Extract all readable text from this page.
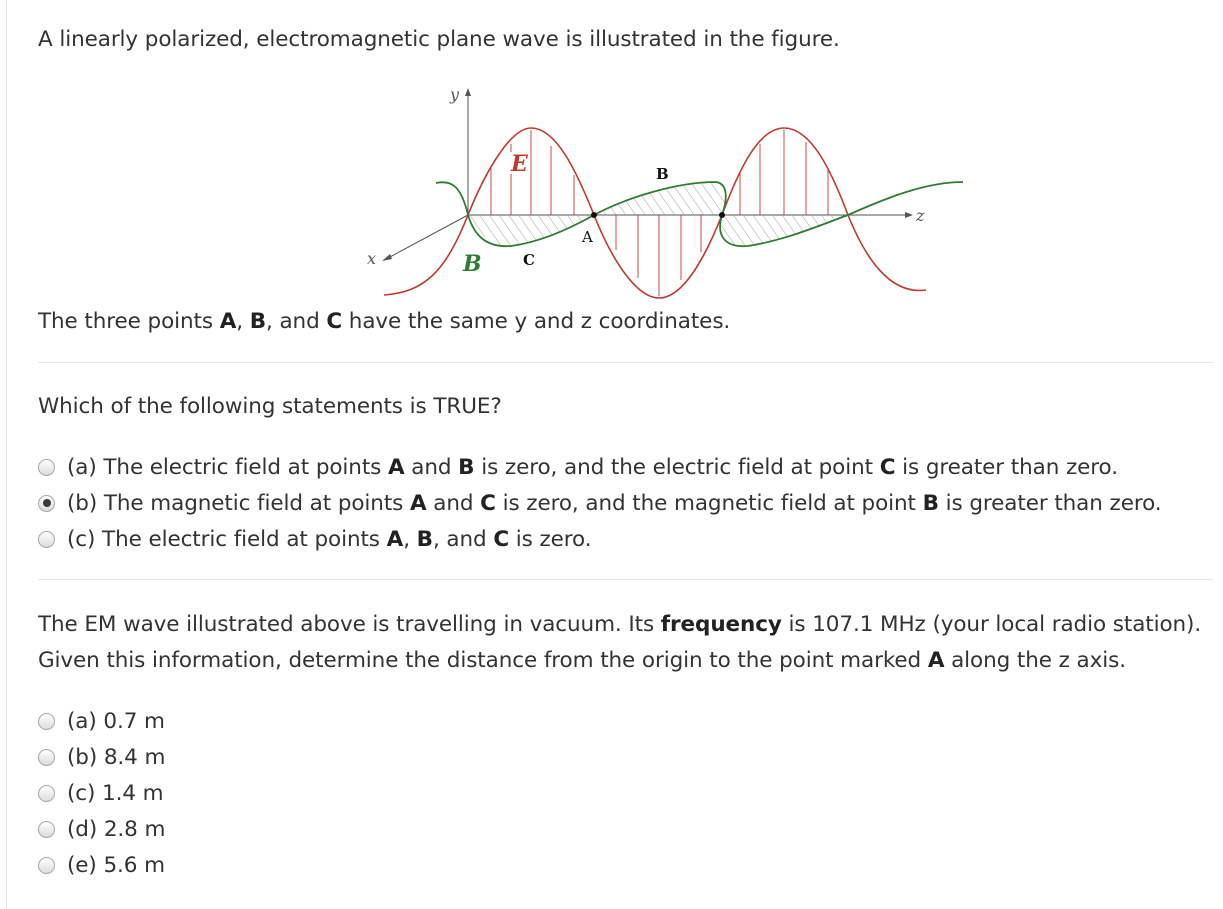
A linearly polarized, electromagnetic plane wave is illustrated in the figure.
y
x
z
E
B
B
A
C
The three points A, B, and C have the same y and z coordinates.
Which of the following statements is TRUE?
(a) The electric field at points A and B is zero, and the electric field at point C is greater than zero.
(b) The magnetic field at points A and C is zero, and the magnetic field at point B is greater than zero.
(c) The electric field at points A, B, and C is zero.
The EM wave illustrated above is travelling in vacuum. Its frequency is 107.1 MHz (your local radio station).
Given this information, determine the distance from the origin to the point marked A along the z axis.
(a) 0.7 m
(b) 8.4 m
(c) 1.4 m
(d) 2.8 m
(e) 5.6 m
